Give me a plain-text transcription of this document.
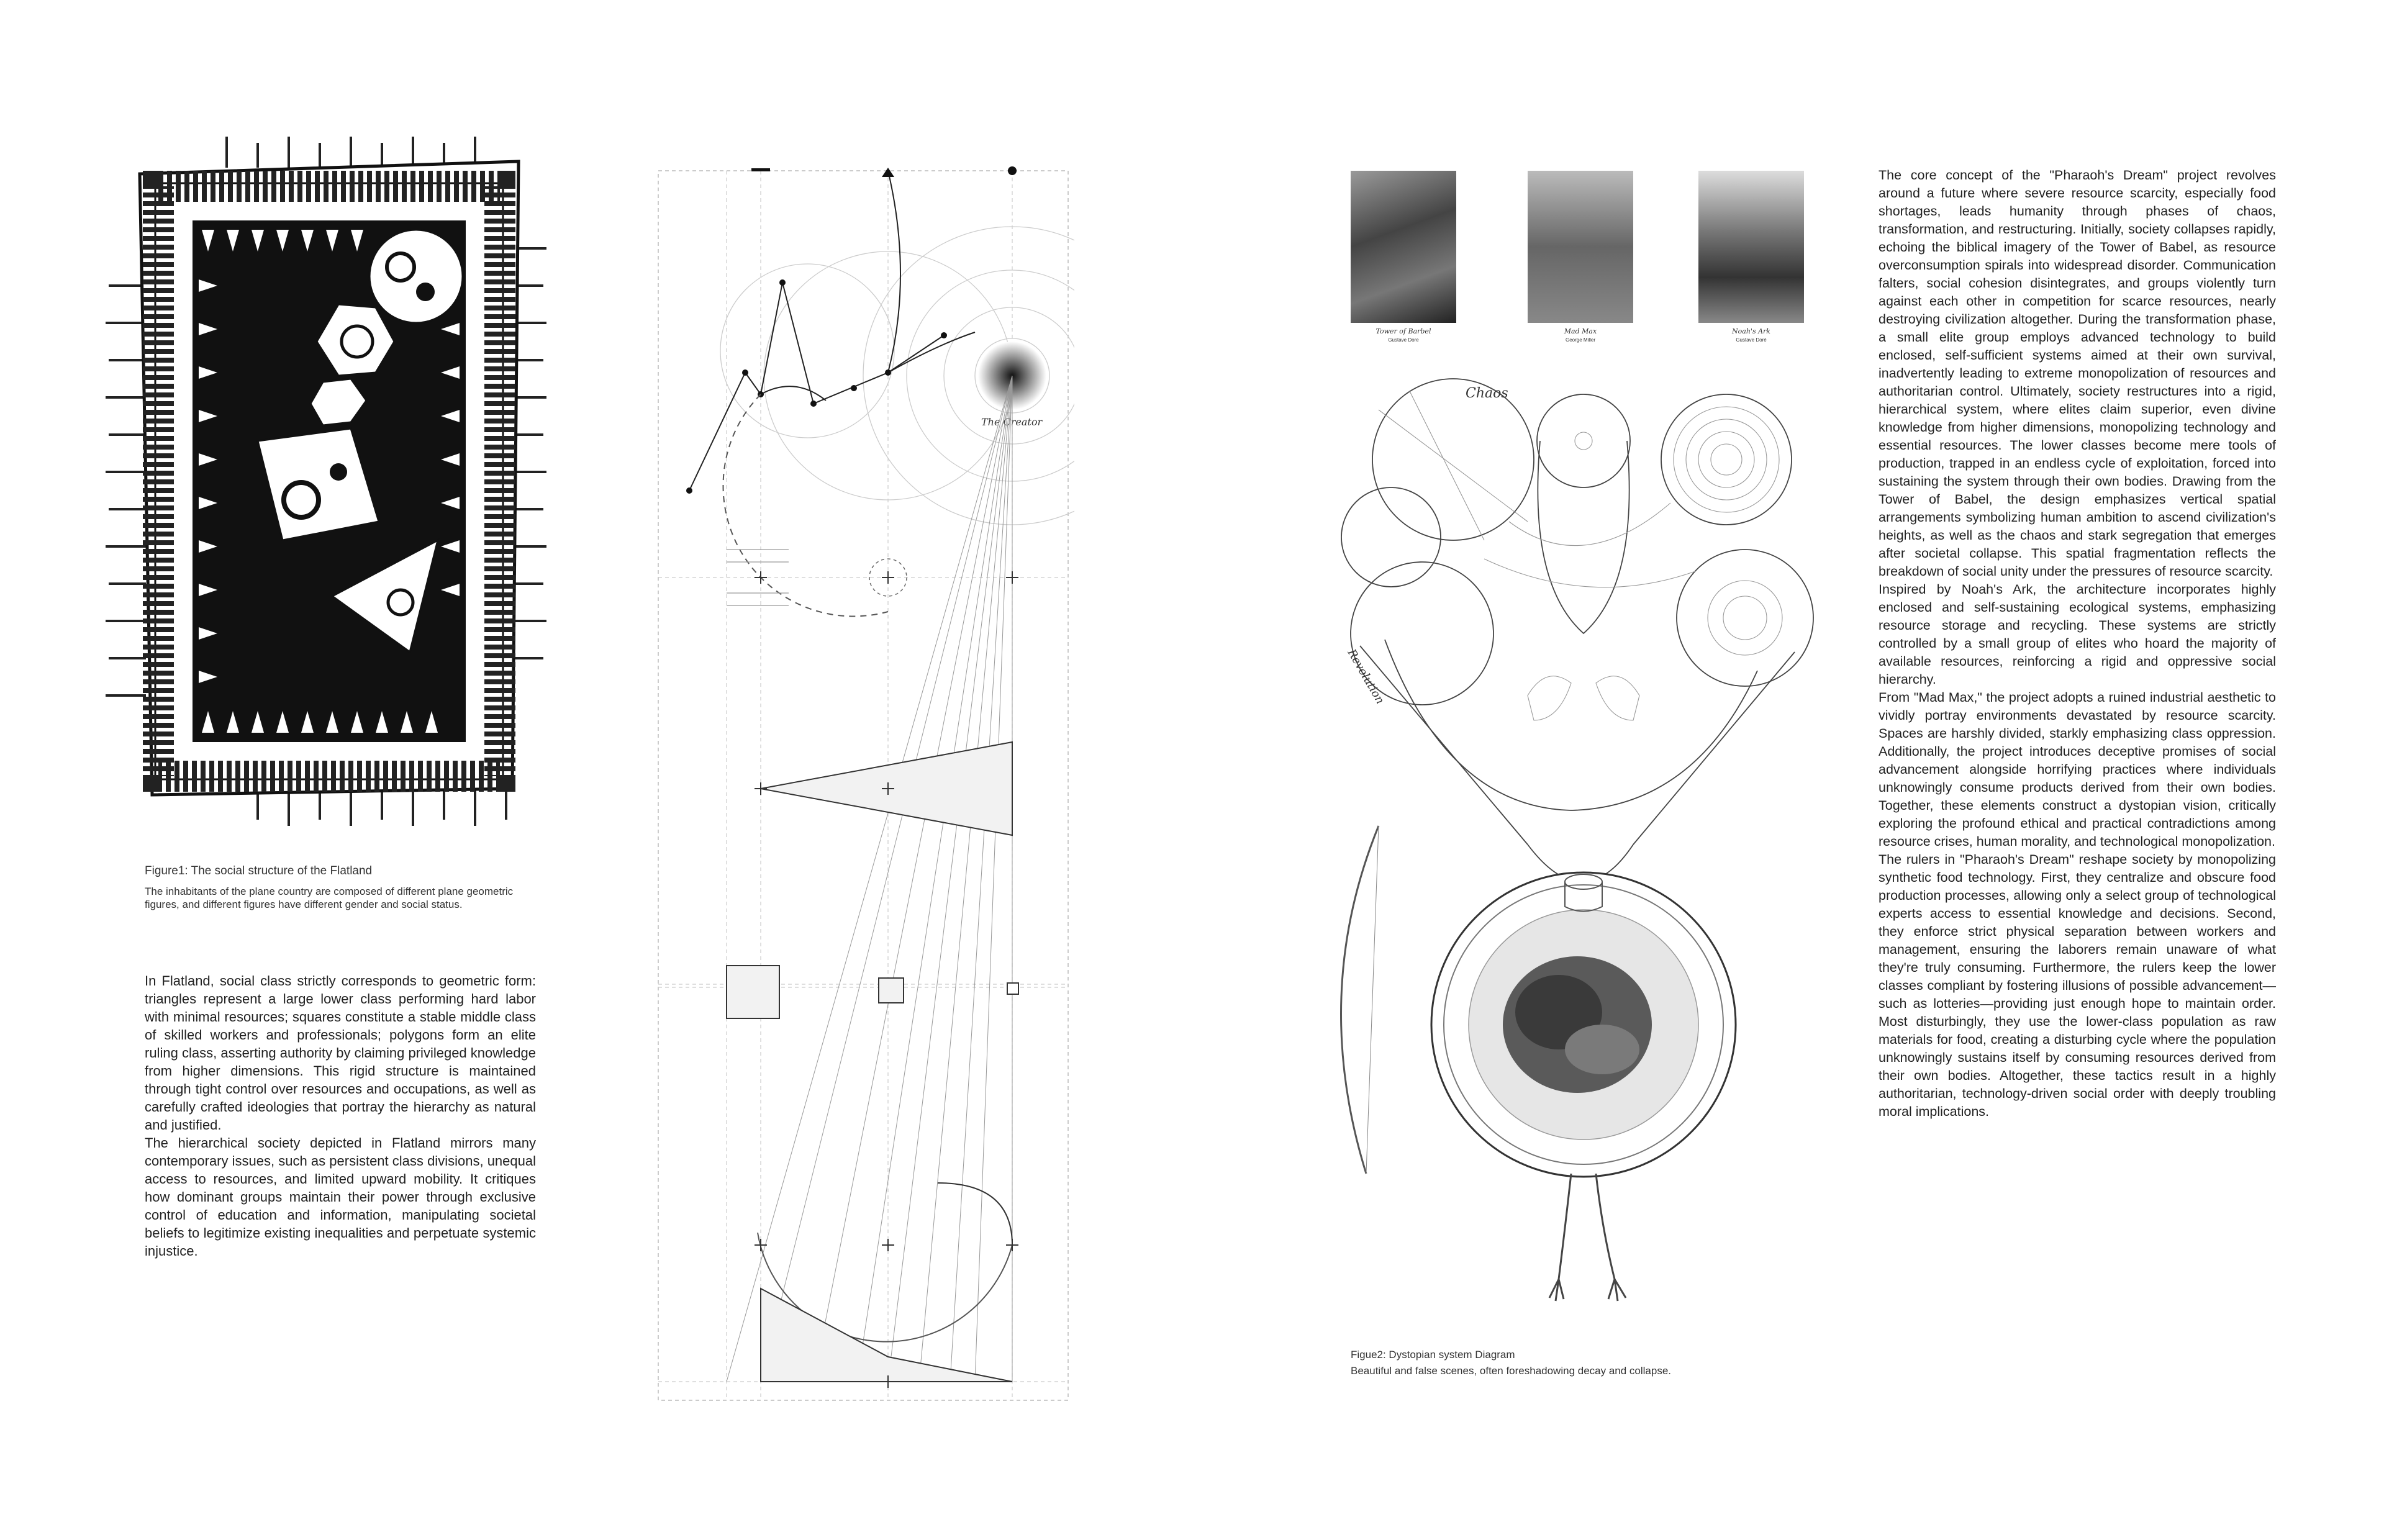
Figure1: The social structure of the Flatland
The inhabitants of the plane country are composed of different plane geometric figures, and different figures have different gender and social status.

In Flatland, social class strictly corresponds to geometric form: triangles represent a large lower class performing hard labor with minimal resources; squares constitute a stable middle class of skilled workers and professionals; polygons form an elite ruling class, asserting authority by claiming privileged knowledge from higher dimensions. This rigid structure is maintained through tight control over resources and occupations, as well as carefully crafted ideologies that portray the hierarchy as natural and justified.

The hierarchical society depicted in Flatland mirrors many contemporary issues, such as persistent class divisions, unequal access to resources, and limited upward mobility. It critiques how dominant groups maintain their power through exclusive control of education and information, manipulating societal beliefs to legitimize existing inequalities and perpetuate systemic injustice.

The Creator
Tower of Barbel
Gustave Dore
Mad Max
George Miller
Noah's Ark
Gustave Doré
Chaos
Revolution
Figue2: Dystopian system Diagram
Beautiful and false scenes, often foreshadowing decay and collapse.

The core concept of the "Pharaoh's Dream" project revolves around a future where severe resource scarcity, especially food shortages, leads humanity through phases of chaos, transformation, and restructuring. Initially, society collapses rapidly, echoing the biblical imagery of the Tower of Babel, as resource overconsumption spirals into widespread disorder. Communication falters, social cohesion disintegrates, and groups violently turn against each other in competition for scarce resources, nearly destroying civilization altogether. During the transformation phase, a small elite group employs advanced technology to build enclosed, self-sufficient systems aimed at their own survival, inadvertently leading to extreme monopolization of resources and authoritarian control. Ultimately, society restructures into a rigid, hierarchical system, where elites claim superior, even divine knowledge from higher dimensions, monopolizing technology and essential resources. The lower classes become mere tools of production, trapped in an endless cycle of exploitation, forced into sustaining the system through their own bodies. Drawing from the Tower of Babel, the design emphasizes vertical spatial arrangements symbolizing human ambition to ascend civilization's heights, as well as the chaos and stark segregation that emerges after societal collapse. This spatial fragmentation reflects the breakdown of social unity under the pressures of resource scarcity.

Inspired by Noah's Ark, the architecture incorporates highly enclosed and self-sustaining ecological systems, emphasizing resource storage and recycling. These systems are strictly controlled by a small group of elites who hoard the majority of available resources, reinforcing a rigid and oppressive social hierarchy.

From "Mad Max," the project adopts a ruined industrial aesthetic to vividly portray environments devastated by resource scarcity. Spaces are harshly divided, starkly emphasizing class oppression. Additionally, the project introduces deceptive promises of social advancement alongside horrifying practices where individuals unknowingly consume products derived from their own bodies. Together, these elements construct a dystopian vision, critically exploring the profound ethical and practical contradictions among resource crises, human morality, and technological monopolization.

The rulers in "Pharaoh's Dream" reshape society by monopolizing synthetic food technology. First, they centralize and obscure food production processes, allowing only a select group of technological experts access to essential knowledge and decisions. Second, they enforce strict physical separation between workers and management, ensuring the laborers remain unaware of what they're truly consuming. Furthermore, the rulers keep the lower classes compliant by fostering illusions of possible advancement—such as lotteries—providing just enough hope to maintain order. Most disturbingly, they use the lower-class population as raw materials for food, creating a disturbing cycle where the population unknowingly sustains itself by consuming resources derived from their own bodies. Altogether, these tactics result in a highly authoritarian, technology-driven social order with deeply troubling moral implications.
